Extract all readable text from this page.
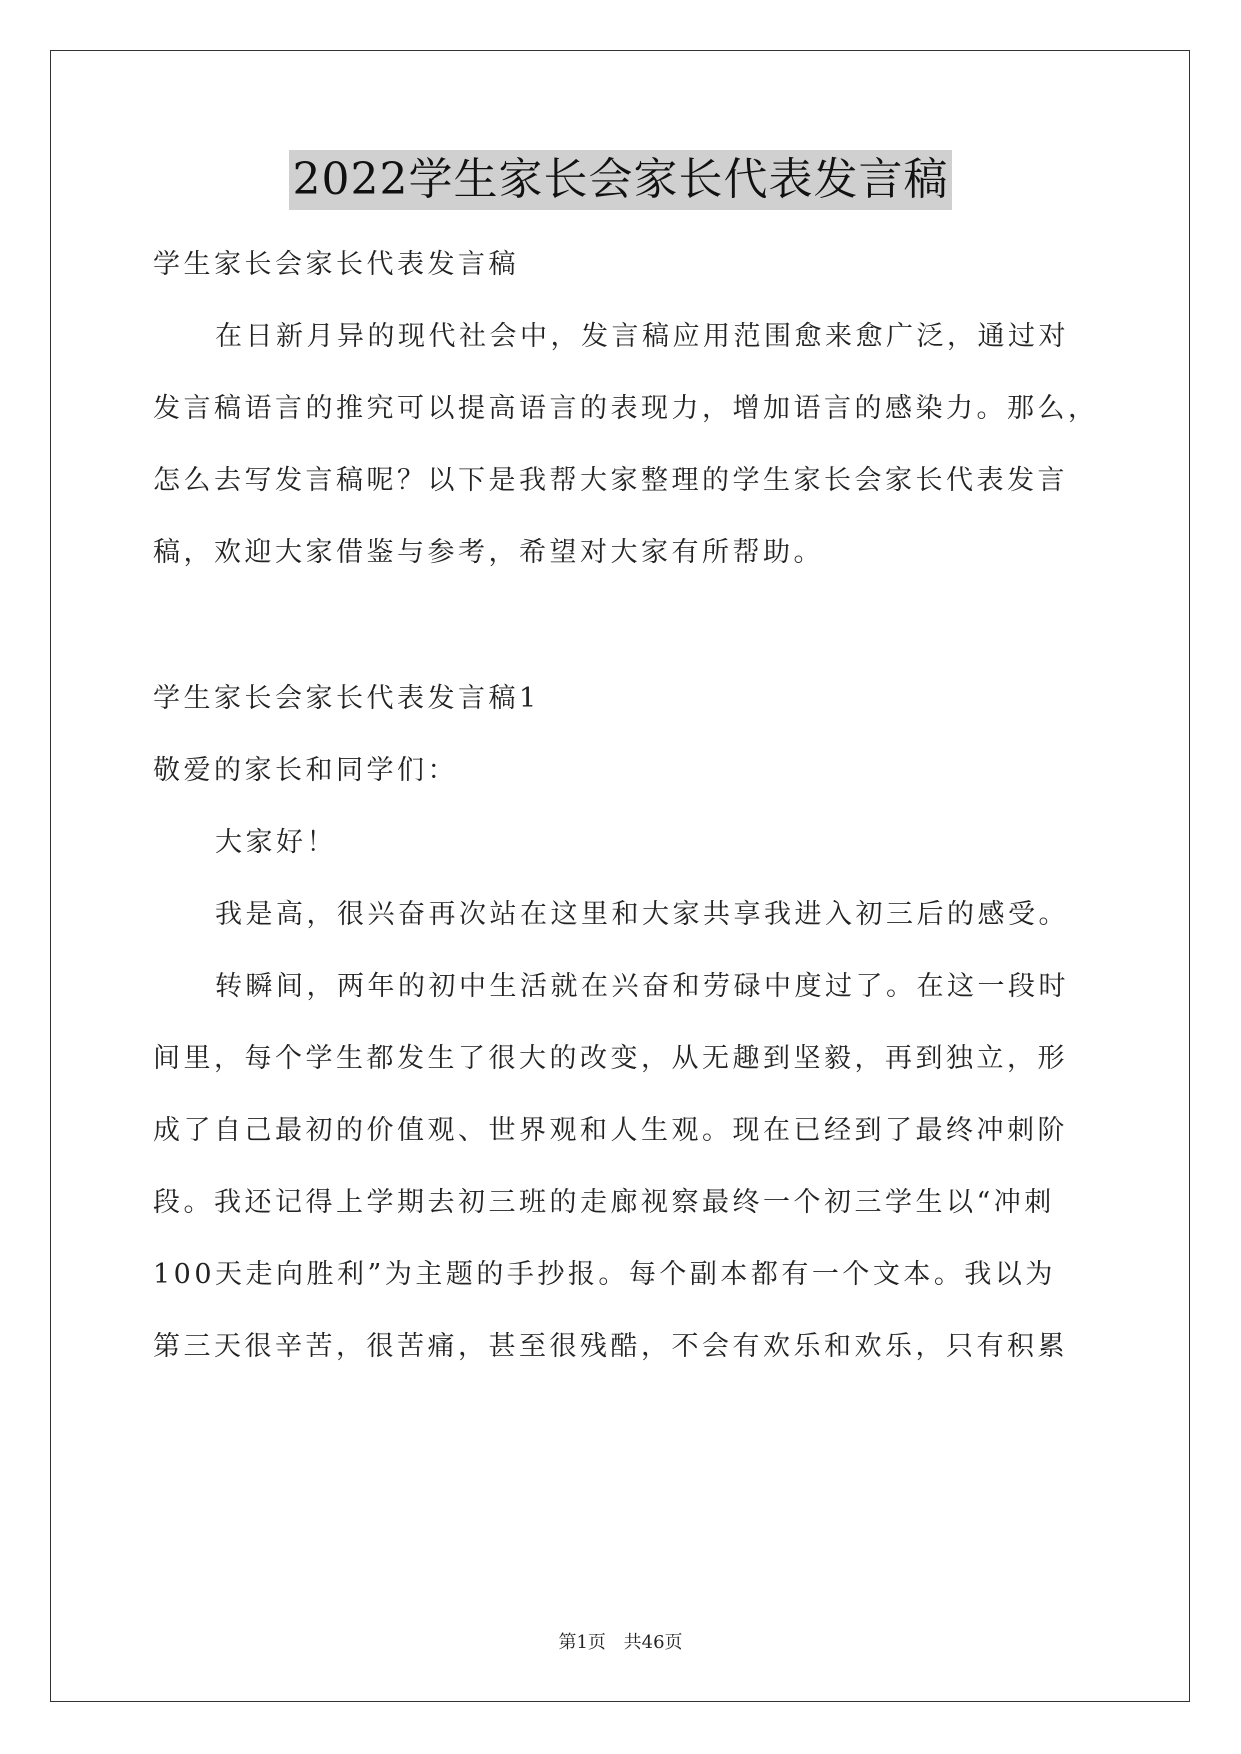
2022学生家长会家长代表发言稿
学生家长会家长代表发言稿
在日新月异的现代社会中，发言稿应用范围愈来愈广泛，通过对
发言稿语言的推究可以提高语言的表现力，增加语言的感染力。那么，
怎么去写发言稿呢？以下是我帮大家整理的学生家长会家长代表发言
稿，欢迎大家借鉴与参考，希望对大家有所帮助。
学生家长会家长代表发言稿1
敬爱的家长和同学们：
大家好！
我是高，很兴奋再次站在这里和大家共享我进入初三后的感受。
转瞬间，两年的初中生活就在兴奋和劳碌中度过了。在这一段时
间里，每个学生都发生了很大的改变，从无趣到坚毅，再到独立，形
成了自己最初的价值观、世界观和人生观。现在已经到了最终冲刺阶
段。我还记得上学期去初三班的走廊视察最终一个初三学生以“冲刺
100天走向胜利”为主题的手抄报。每个副本都有一个文本。我以为
第三天很辛苦，很苦痛，甚至很残酷，不会有欢乐和欢乐，只有积累
第1页 共46页
